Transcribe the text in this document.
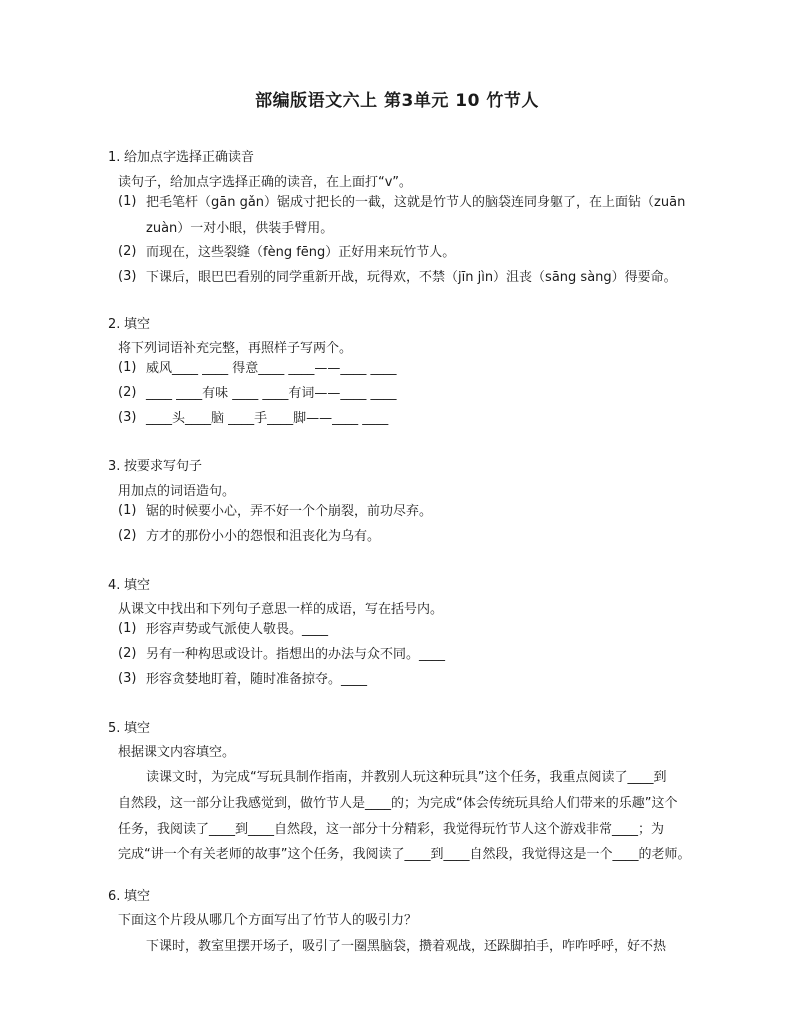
部编版语文六上 第3单元 10 竹节人
1. 给加点字选择正确读音
读句子，给加点字选择正确的读音，在上面打“v”。
(1) 把毛笔杆（gān gǎn）锯成寸把长的一截，这就是竹节人的脑袋连同身躯了，在上面钻（zuān
zuàn）一对小眼，供装手臂用。
(2) 而现在，这些裂缝（fèng fēng）正好用来玩竹节人。
(3) 下课后，眼巴巴看别的同学重新开战，玩得欢，不禁（jīn jìn）沮丧（sāng sàng）得要命。
2. 填空
将下列词语补充完整，再照样子写两个。
(1) 威风____ ____ 得意____ ____——____ ____
(2) ____ ____有味 ____ ____有词——____ ____
(3) ____头____脑 ____手____脚——____ ____
3. 按要求写句子
用加点的词语造句。
(1) 锯的时候要小心，弄不好一个个崩裂，前功尽弃。
(2) 方才的那份小小的怨恨和沮丧化为乌有。
4. 填空
从课文中找出和下列句子意思一样的成语，写在括号内。
(1) 形容声势或气派使人敬畏。____
(2) 另有一种构思或设计。指想出的办法与众不同。____
(3) 形容贪婪地盯着，随时准备掠夺。____
5. 填空
根据课文内容填空。
读课文时，为完成“写玩具制作指南，并教别人玩这种玩具”这个任务，我重点阅读了____到
自然段，这一部分让我感觉到，做竹节人是____的；为完成“体会传统玩具给人们带来的乐趣”这个
任务，我阅读了____到____自然段，这一部分十分精彩，我觉得玩竹节人这个游戏非常____；为
完成“讲一个有关老师的故事”这个任务，我阅读了____到____自然段，我觉得这是一个____的老师。
6. 填空
下面这个片段从哪几个方面写出了竹节人的吸引力？
下课时，教室里摆开场子，吸引了一圈黑脑袋，攒着观战，还跺脚拍手，咋咋呼呼，好不热
